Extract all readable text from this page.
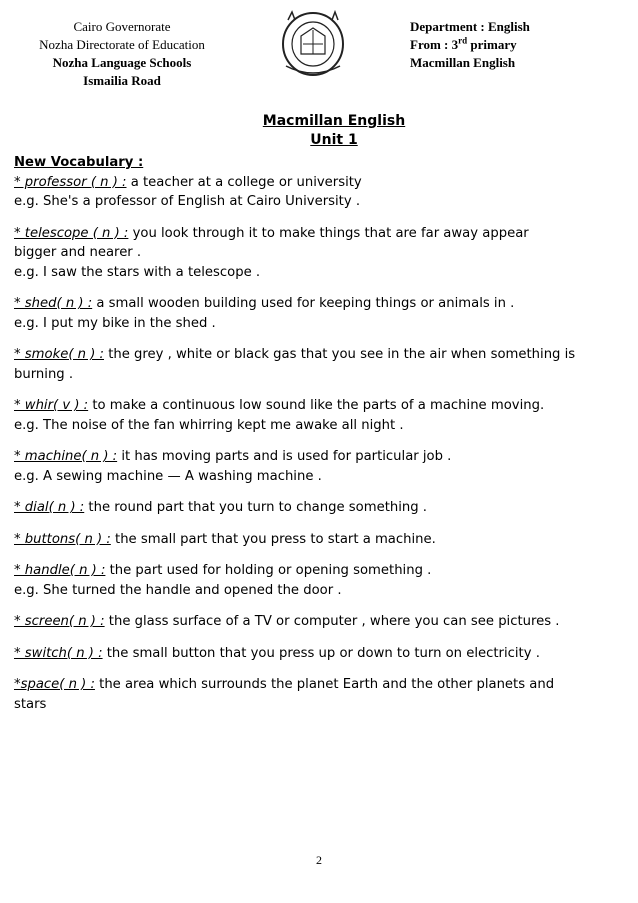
Cairo Governorate
Nozha Directorate of Education
Nozha Language Schools
Ismailia Road
Department : English
From : 3rd primary
Macmillan English
Macmillan English
Unit 1
New Vocabulary :
* professor ( n ) : a teacher at a college or university
e.g. She's a professor of English at Cairo University .
* telescope ( n ) : you look through it to make things that are far away appear
bigger and nearer .
e.g. I saw the stars with a telescope .
* shed( n ) : a small wooden building used for keeping things or animals in .
e.g. I put my bike in the shed .
* smoke( n ) : the grey , white or black gas that you see in the air when something is
burning .
* whir( v ) : to make a continuous low sound like the parts of a machine moving.
e.g. The noise of the fan whirring kept me awake all night .
* machine( n ) : it has moving parts and is used for particular job .
e.g. A sewing machine — A washing machine .
* dial( n ) : the round part that you turn to change something .
* buttons( n ) : the small part that you press to start a machine.
* handle( n ) : the part used for holding or opening something .
e.g. She turned the handle and opened the door .
* screen( n ) : the glass surface of a TV or computer , where you can see pictures .
* switch( n ) : the small button that you press up or down to turn on electricity .
*space( n ) : the area which surrounds the planet Earth and the other planets and
stars
2
